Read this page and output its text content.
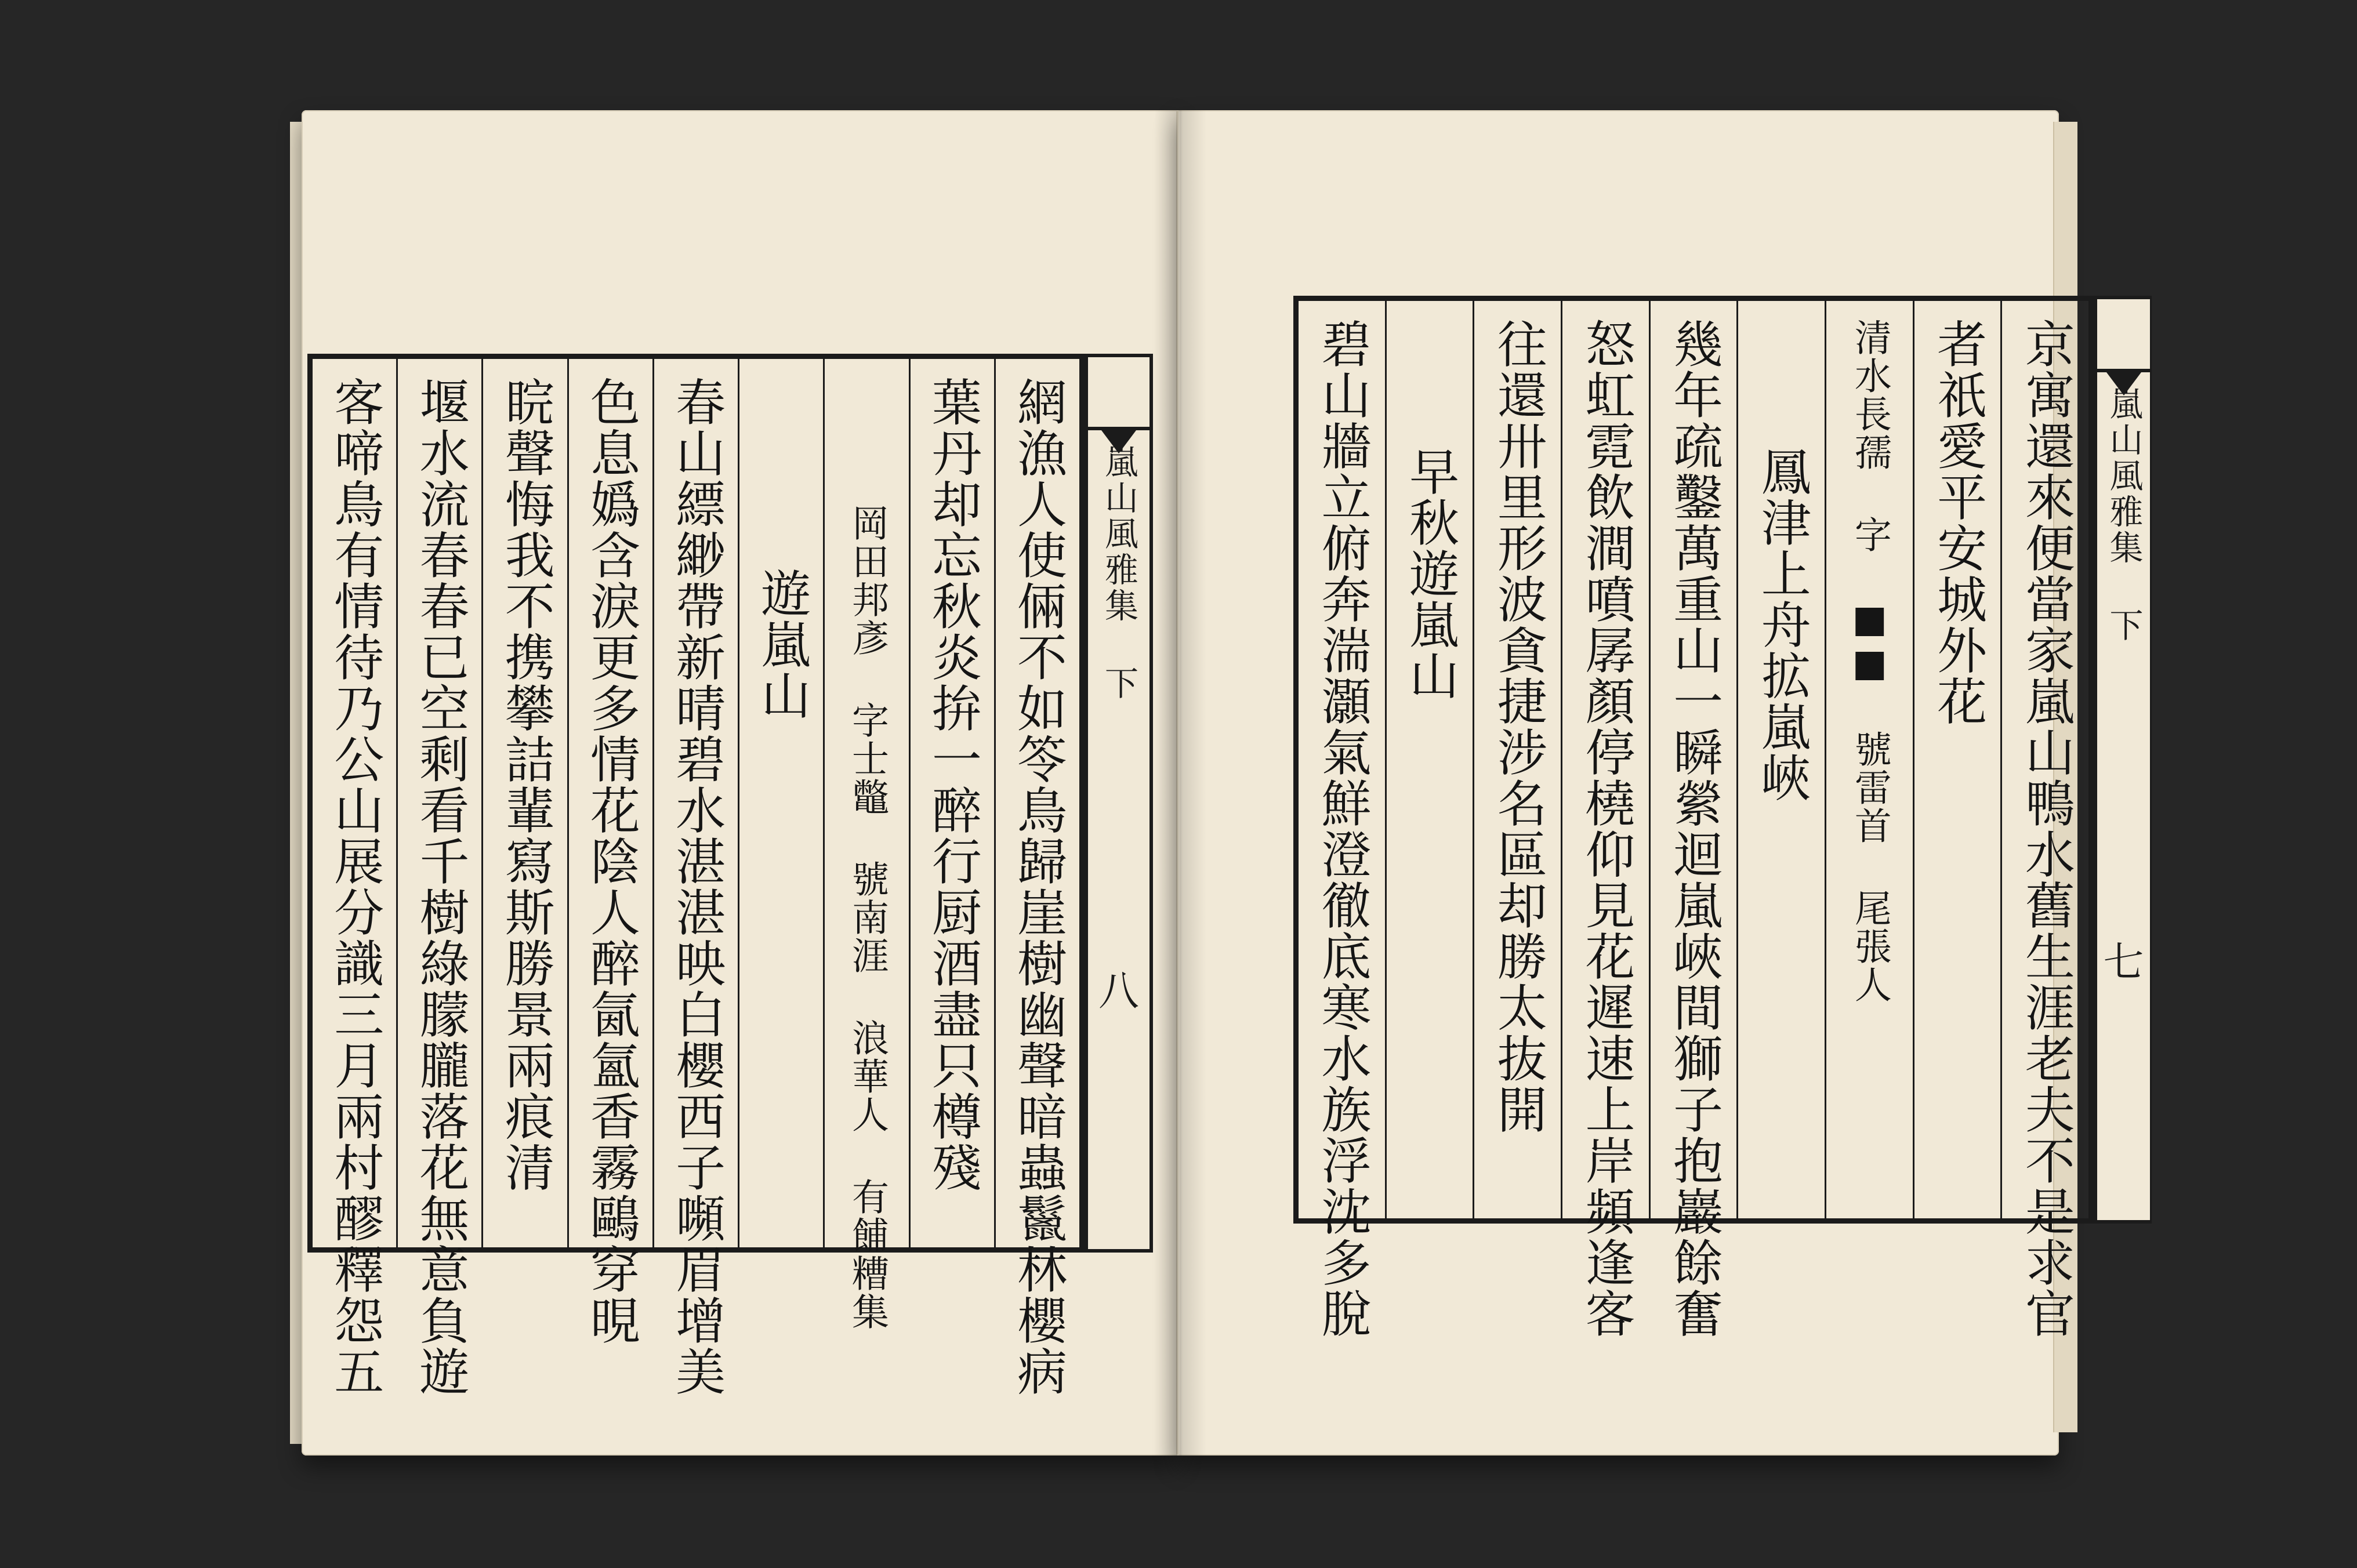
網漁人使倆不如笭鳥歸崖樹幽聲暗蟲鬣林櫻病
葉丹却忘秋炎拚一醉行厨酒盡只樽殘
岡田邦彥 字士鼈 號南涯 浪華人 有餔糟集
遊嵐山
春山縹緲帶新晴碧水湛湛映白櫻西子嚬眉增美
色息嬀含淚更多情花陰人醉氤氳香霧鷗穿晛
睆聲悔我不携攀詰輩寫斯勝景兩痕清
堰水流春春已空剩看千樹綠朦朧落花無意負遊
客啼鳥有情待乃公山展分識三月兩村醪釋怨五	京寓還來便當家嵐山鴨水舊生涯老夫不是求官
者祇愛平安城外花
清水長孺 字 ■■ 號雷首 尾張人
鳳津上舟拡嵐峽
幾年疏鑿萬重山一瞬縈迴嵐峽間獅子抱巖餘奮
怒虹霓飲澗噴孱顏停橈仰見花遲速上岸頻逢客
往還卅里形波貪捷涉名區却勝太抜開
早秋遊嵐山
碧山牆立俯奔湍灝氣鮮澄徹底寒水族浮沈多脫
嵐山風雅集 下
八
嵐山風雅集 下
七
